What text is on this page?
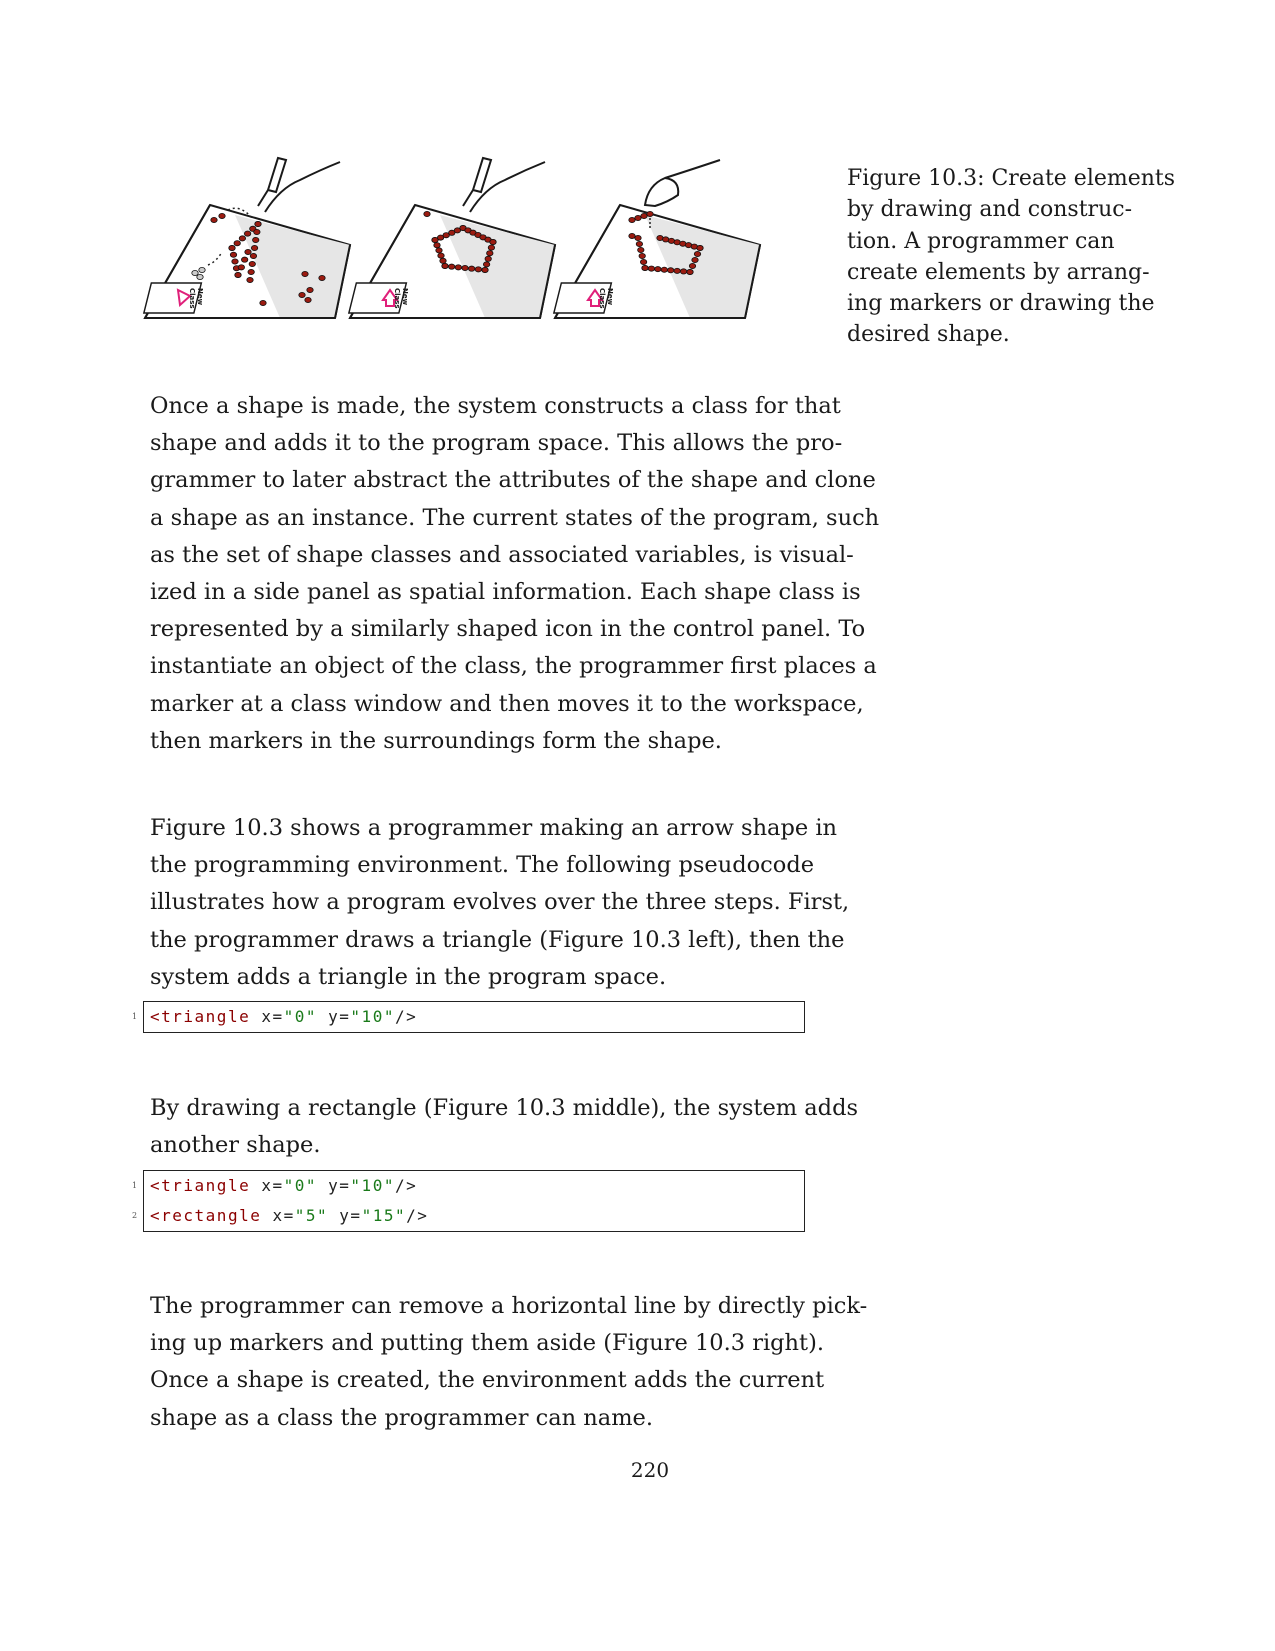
NewClass	NewClass	NewClass
Figure 10.3: Create elements
by drawing and construc-
tion. A programmer can
create elements by arrang-
ing markers or drawing the
desired shape.

Once a shape is made, the system constructs a class for that
shape and adds it to the program space. This allows the pro-
grammer to later abstract the attributes of the shape and clone
a shape as an instance. The current states of the program, such
as the set of shape classes and associated variables, is visual-
ized in a side panel as spatial information. Each shape class is
represented by a similarly shaped icon in the control panel. To
instantiate an object of the class, the programmer first places a
marker at a class window and then moves it to the workspace,
then markers in the surroundings form the shape.

Figure 10.3 shows a programmer making an arrow shape in
the programming environment. The following pseudocode
illustrates how a program evolves over the three steps. First,
the programmer draws a triangle (Figure 10.3 left), then the
system adds a triangle in the program space.

1 <triangle x="0" y="10"/>

By drawing a rectangle (Figure 10.3 middle), the system adds
another shape.

1 <triangle x="0" y="10"/>
2 <rectangle x="5" y="15"/>

The programmer can remove a horizontal line by directly pick-
ing up markers and putting them aside (Figure 10.3 right).
Once a shape is created, the environment adds the current
shape as a class the programmer can name.

220
